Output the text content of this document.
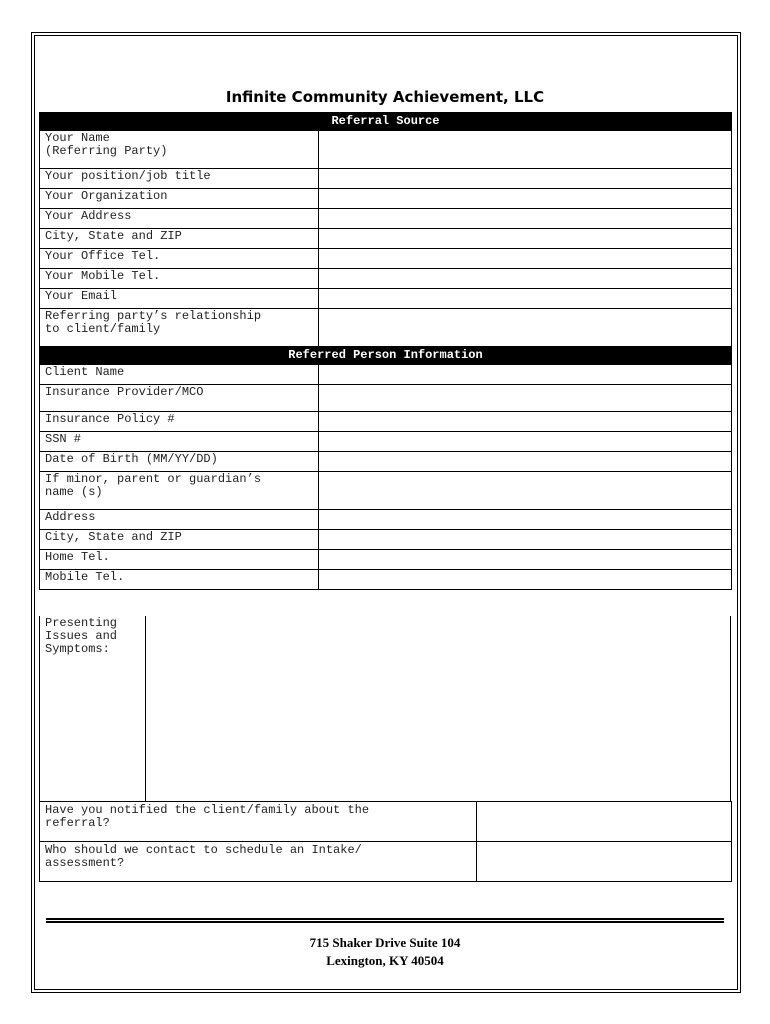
Infinite Community Achievement, LLC
Referral Source	
Your Name
(Referring Party)	
Your position/job title	
Your Organization	
Your Address	
City, State and ZIP	
Your Office Tel.	
Your Mobile Tel.	
Your Email	
Referring party’s relationship
to client/family	
Referred Person Information	
Client Name	
Insurance Provider/MCO	
Insurance Policy #	
SSN #	
Date of Birth (MM/YY/DD)	
If minor, parent or guardian’s
name (s)	
Address	
City, State and ZIP	
Home Tel.	
Mobile Tel.	
Presenting
Issues and
Symptoms:
Have you notified the client/family about the
referral?	
Who should we contact to schedule an Intake/
assessment?	
715 Shaker Drive Suite 104
Lexington, KY 40504
